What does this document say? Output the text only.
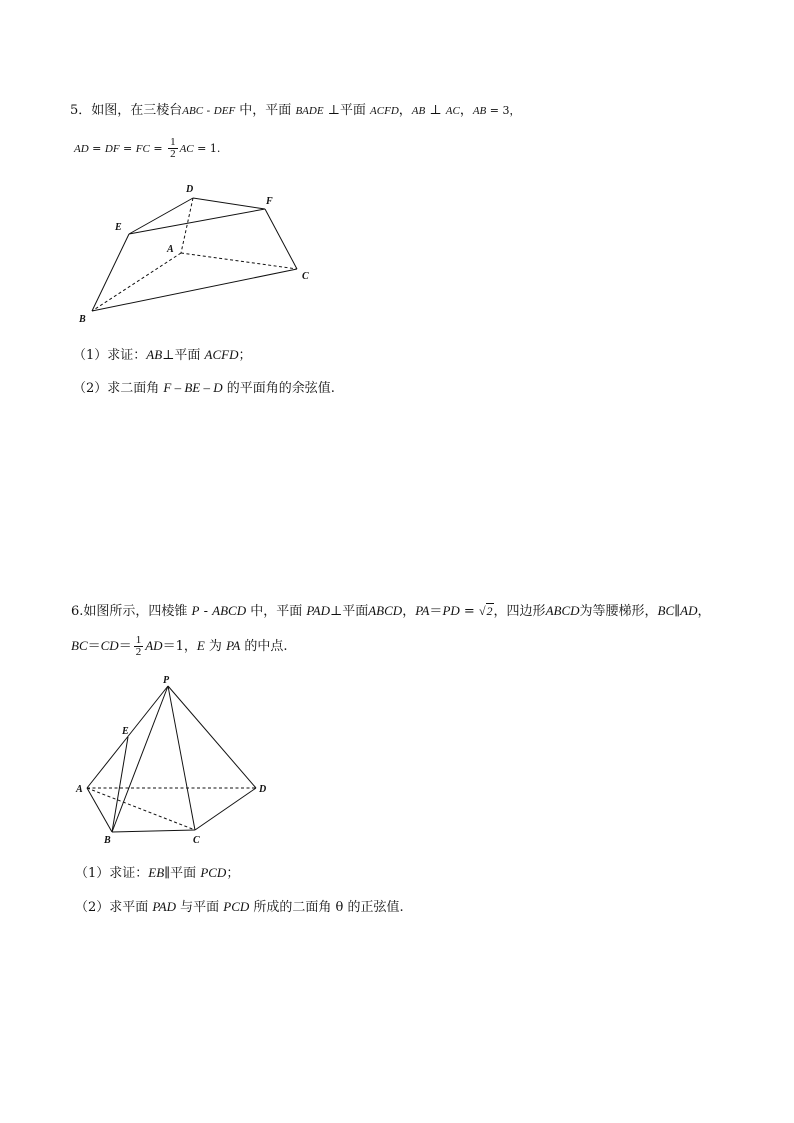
5．如图，在三棱台ABC - DEF 中，平面 BADE ⊥平面 ACFD，AB ⊥ AC，AB = 3，
AD = DF = FC = $\frac{1}{2}$ AC = 1.
D
F
E
A
C
B
（1）求证：AB⊥平面 ACFD；
（2）求二面角 F – BE – D 的平面角的余弦值.
6.如图所示，四棱锥 P - ABCD 中，平面 PAD⊥平面ABCD，PA＝PD = √2，四边形ABCD为等腰梯形，BC∥AD，
$BC=CD= \frac{1}{2} AD=1$，E 为 PA 的中点.
P
E
A	D
B	C
（1）求证：EB∥平面 PCD；
（2）求平面 PAD 与平面 PCD 所成的二面角 θ 的正弦值.
